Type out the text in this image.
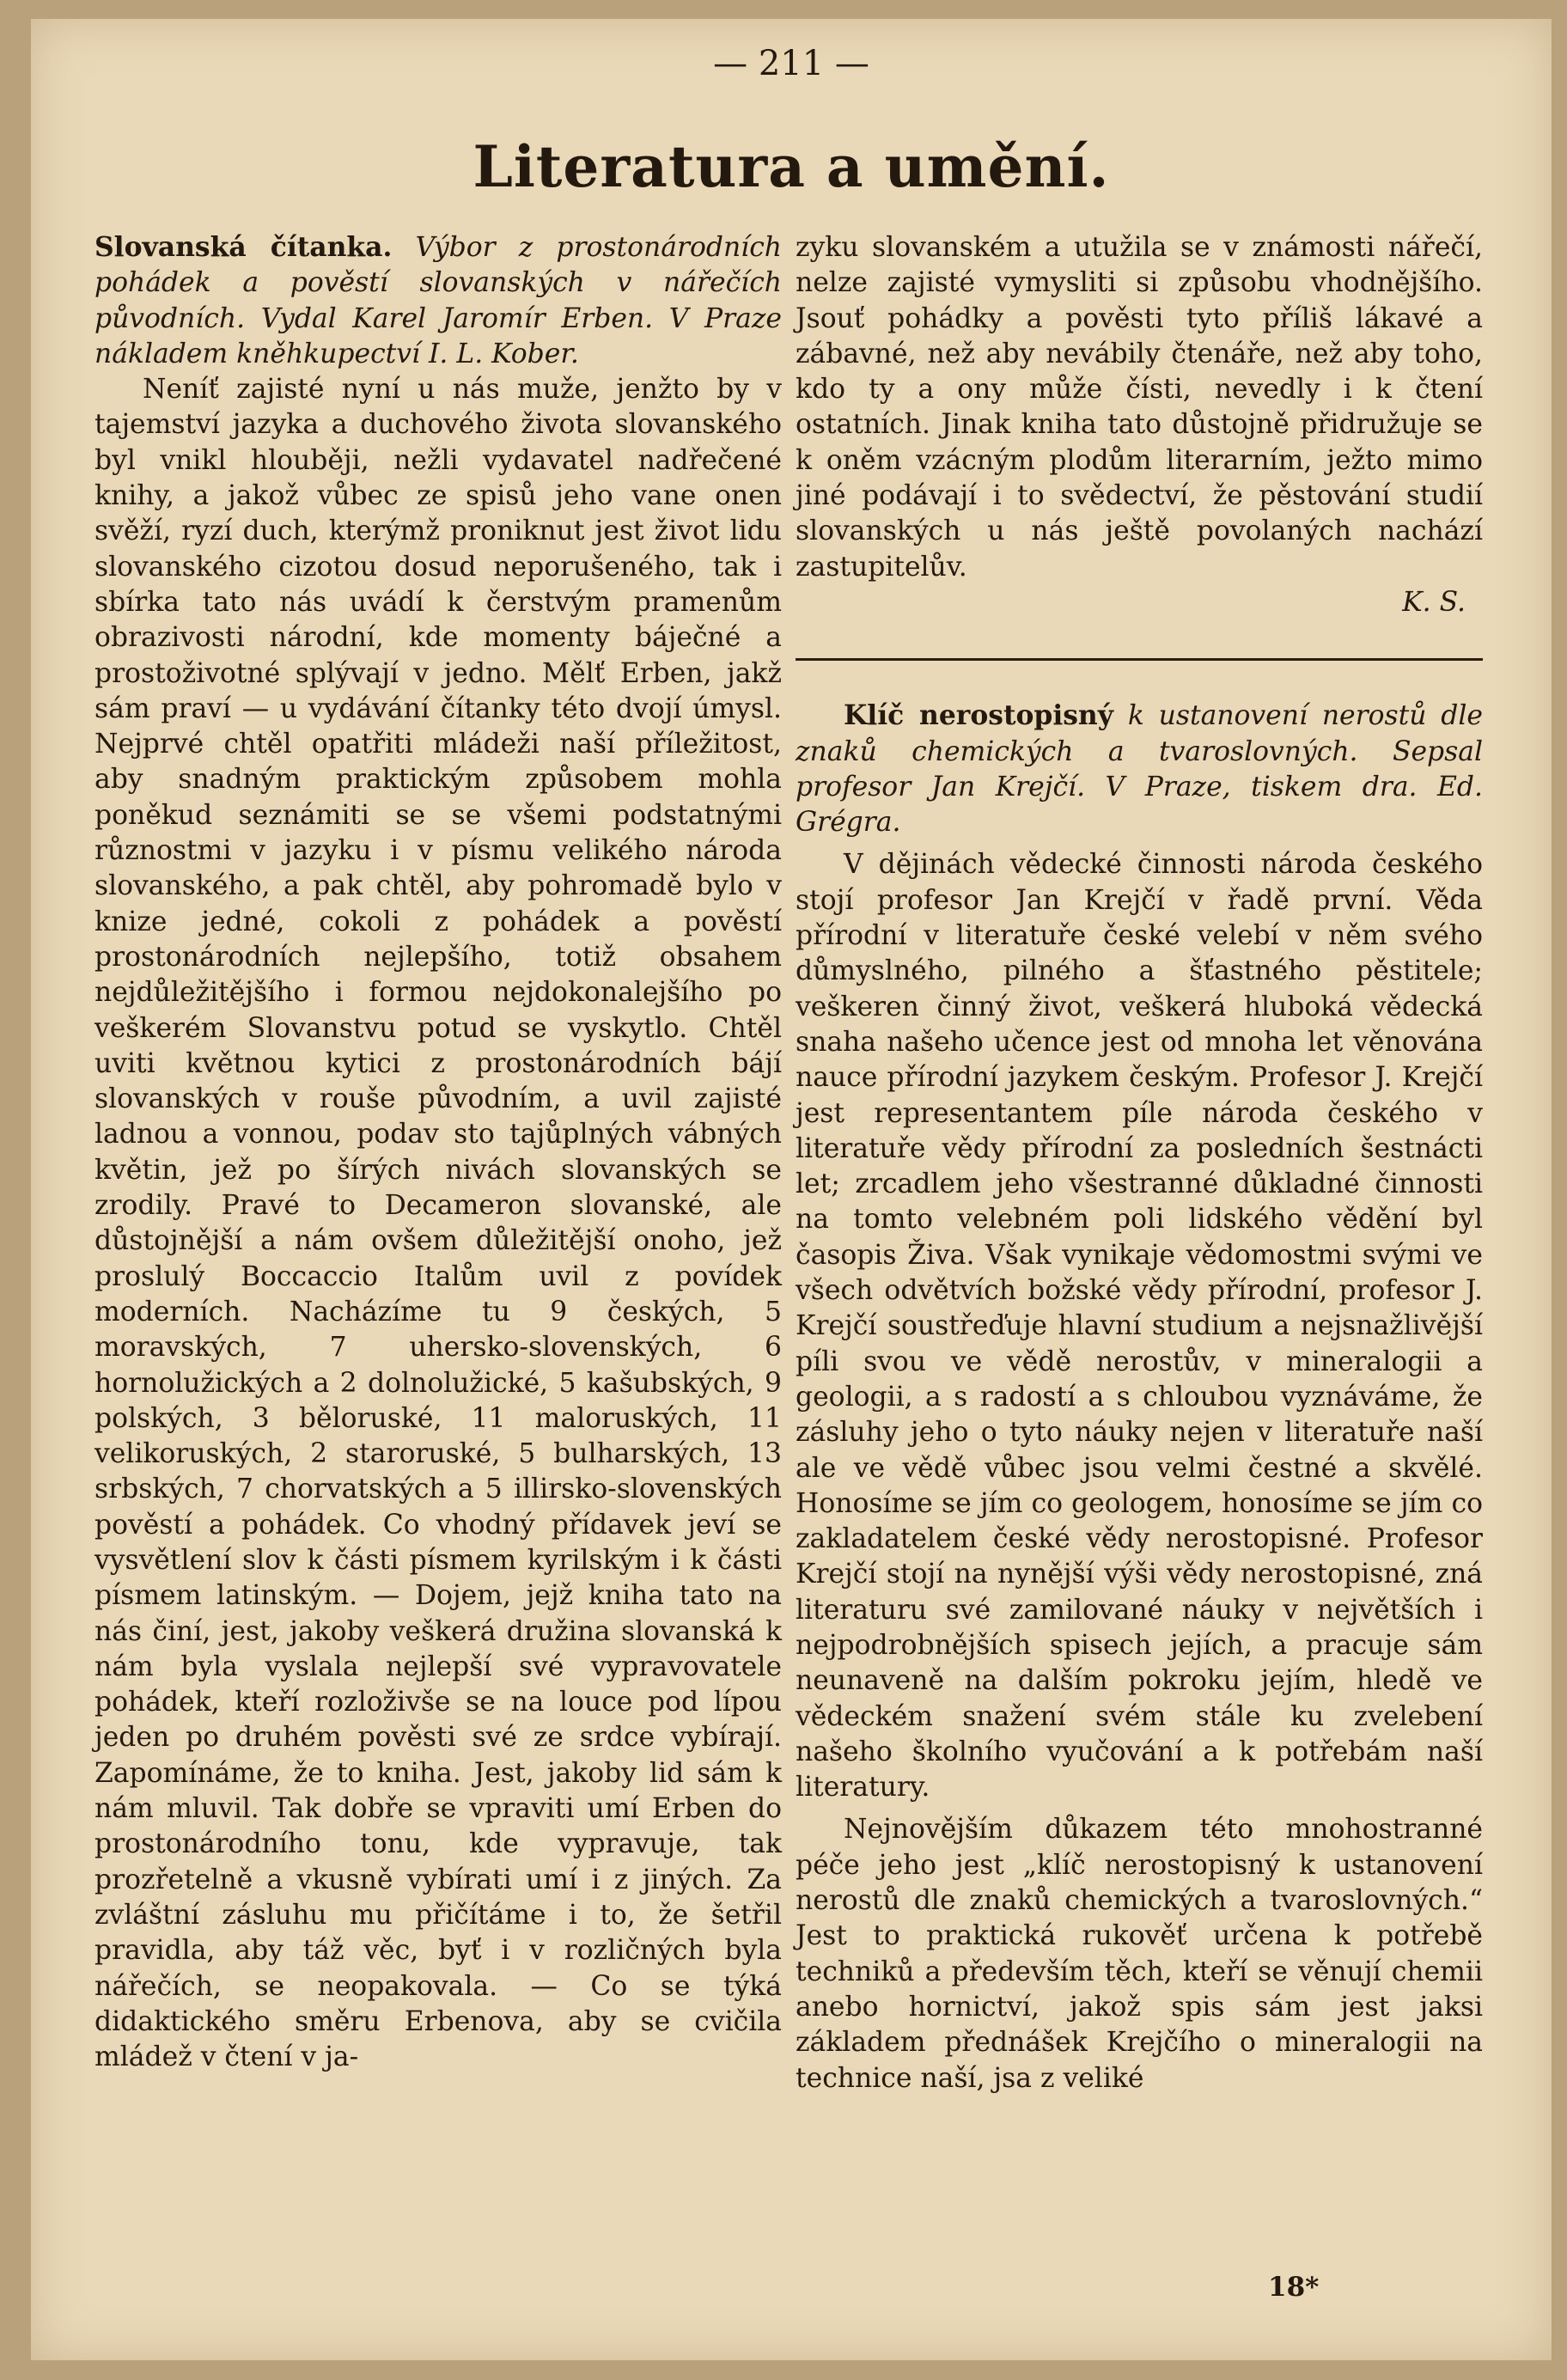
— 211 —
Literatura a umění.

Slovanská čítanka. Výbor z prostonárodních pohádek a pověstí slovanských v nářečích původních. Vydal Karel Jaromír Erben. V Praze nákladem kněhkupectví I. L. Kober.

Neníť zajisté nyní u nás muže, jenžto by v tajemství jazyka a duchového života slovanského byl vnikl hlouběji, nežli vydavatel nadřečené knihy, a jakož vůbec ze spisů jeho vane onen svěží, ryzí duch, kterýmž proniknut jest život lidu slovanského cizotou dosud neporušeného, tak i sbírka tato nás uvádí k čerstvým pramenům obrazivosti národní, kde momenty báječné a prostoživotné splývají v jedno. Mělť Erben, jakž sám praví — u vydávání čítanky této dvojí úmysl. Nejprvé chtěl opatřiti mládeži naší příležitost, aby snadným praktickým způsobem mohla poněkud seznámiti se se všemi podstatnými různostmi v jazyku i v písmu velikého národa slovanského, a pak chtěl, aby pohromadě bylo v knize jedné, cokoli z pohádek a pověstí prostonárodních nejlepšího, totiž obsahem nejdůležitějšího i formou nejdokonalejšího po veškerém Slovanstvu potud se vyskytlo. Chtěl uviti květnou kytici z prostonárodních bájí slovanských v rouše původním, a uvil zajisté ladnou a vonnou, podav sto tajůplných vábných květin, jež po šírých nivách slovanských se zrodily. Pravé to Decameron slovanské, ale důstojnější a nám ovšem důležitější onoho, jež proslulý Boccaccio Italům uvil z povídek moderních. Nacházíme tu 9 českých, 5 moravských, 7 uhersko-slovenských, 6 hornolužických a 2 dolnolužické, 5 kašubských, 9 polských, 3 běloruské, 11 maloruských, 11 velikoruských, 2 staroruské, 5 bulharských, 13 srbských, 7 chorvatských a 5 illirsko-slovenských pověstí a pohádek. Co vhodný přídavek jeví se vysvětlení slov k části písmem kyrilským i k části písmem latinským. — Dojem, jejž kniha tato na nás činí, jest, jakoby veškerá družina slovanská k nám byla vyslala nejlepší své vypravovatele pohádek, kteří rozloživše se na louce pod lípou jeden po druhém pověsti své ze srdce vybírají. Zapomínáme, že to kniha. Jest, jakoby lid sám k nám mluvil. Tak dobře se vpraviti umí Erben do prostonárodního tonu, kde vypravuje, tak prozřetelně a vkusně vybírati umí i z jiných. Za zvláštní zásluhu mu přičítáme i to, že šetřil pravidla, aby táž věc, byť i v rozličných byla nářečích, se neopakovala. — Co se týká didaktického směru Erbenova, aby se cvičila mládež v čtení v ja-

zyku slovanském a utužila se v známosti nářečí, nelze zajisté vymysliti si způsobu vhodnějšího. Jsouť pohádky a pověsti tyto příliš lákavé a zábavné, než aby nevábily čtenáře, než aby toho, kdo ty a ony může čísti, nevedly i k čtení ostatních. Jinak kniha tato důstojně přidružuje se k oněm vzácným plodům literarním, ježto mimo jiné podávají i to svědectví, že pěstování studií slovanských u nás ještě povolaných nachází zastupitelův.

K. S.

Klíč nerostopisný k ustanovení nerostů dle znaků chemických a tvaroslovných. Sepsal profesor Jan Krejčí. V Praze, tiskem dra. Ed. Grégra.

V dějinách vědecké činnosti národa českého stojí profesor Jan Krejčí v řadě první. Věda přírodní v literatuře české velebí v něm svého důmyslného, pilného a šťastného pěstitele; veškeren činný život, veškerá hluboká vědecká snaha našeho učence jest od mnoha let věnována nauce přírodní jazykem českým. Profesor J. Krejčí jest representantem píle národa českého v literatuře vědy přírodní za posledních šestnácti let; zrcadlem jeho všestranné důkladné činnosti na tomto velebném poli lidského vědění byl časopis Živa. Však vynikaje vědomostmi svými ve všech odvětvích božské vědy přírodní, profesor J. Krejčí soustřeďuje hlavní studium a nejsnažlivější píli svou ve vědě nerostův, v mineralogii a geologii, a s radostí a s chloubou vyznáváme, že zásluhy jeho o tyto náuky nejen v literatuře naší ale ve vědě vůbec jsou velmi čestné a skvělé. Honosíme se jím co geologem, honosíme se jím co zakladatelem české vědy nerostopisné. Profesor Krejčí stojí na nynější výši vědy nerostopisné, zná literaturu své zamilované náuky v největších i nejpodrobnějších spisech jejích, a pracuje sám neunaveně na dalším pokroku jejím, hledě ve vědeckém snažení svém stále ku zvelebení našeho školního vyučování a k potřebám naší literatury.

Nejnovějším důkazem této mnohostranné péče jeho jest „klíč nerostopisný k ustanovení nerostů dle znaků chemických a tvaroslovných.“ Jest to praktická rukověť určena k potřebě techniků a především těch, kteří se věnují chemii anebo hornictví, jakož spis sám jest jaksi základem přednášek Krejčího o mineralogii na technice naší, jsa z veliké

18*
